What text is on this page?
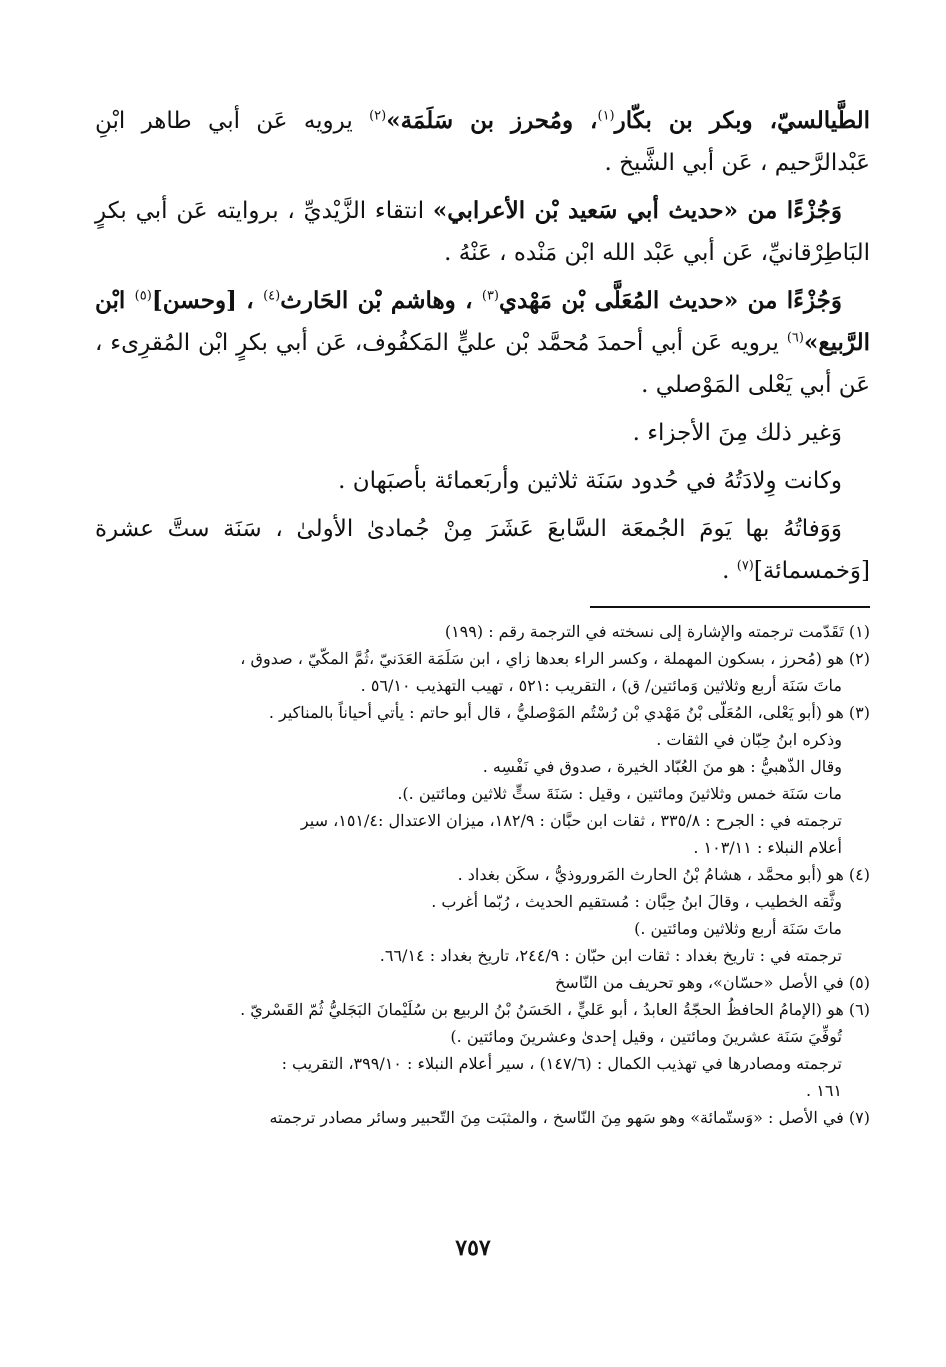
الطَّيالسيّ، وبكر بن بكّار$^{(١)}$، ومُحرز بن سَلَمَة»$^{(٢)}$ يرويه عَن أبي طاهر ابْنِ عَبْدالرَّحيم ، عَن أبي الشَّيخ .

وَجُزْءًا من «حديث أبي سَعيد بْن الأعرابي» انتقاء الزَّيْديِّ ، بروايته عَن أبي بكرٍ البَاطِرْقانيِّ، عَن أبي عَبْد الله ابْن مَنْده ، عَنْهُ .

وَجُزْءًا من «حديث المُعَلَّى بْن مَهْدي$^{(٣)}$ ، وهاشم بْن الحَارث$^{(٤)}$ ، [وحسن]$^{(٥)}$ ابْن الرَّبيع»$^{(٦)}$ يرويه عَن أبي أحمدَ مُحمَّد بْن عليٍّ المَكفُوف، عَن أبي بكرٍ ابْن المُقرِىء ، عَن أبي يَعْلى المَوْصلي .

وَغير ذلك مِنَ الأجزاء .

وكانت وِلادَتُهُ في حُدود سَنَة ثلاثين وأربَعمائة بأصبَهان .

وَوَفاتُهُ بها يَومَ الجُمعَة السَّابعَ عَشَرَ مِنْ جُمادىٰ الأولىٰ ، سَنَة ستَّ عشرة [وَخمسمائة]$^{(٧)}$ .

(١) تَقَدّمت ترجمته والإشارة إلى نسخته في الترجمة رقم : (١٩٩)

(٢) هو (مُحرز ، بسكون المهملة ، وكسر الراء بعدها زاي ، ابن سَلَمَة العَدَنيّ ،ثُمَّ المكّيّ ، صدوق ،

ماتَ سَنَة أربع وثلاثين وَمائتين/ ق) ، التقريب :٥٢١ ، تهيب التهذيب ٥٦/١٠ .

(٣) هو (أبو يَعْلى، المُعَلّى بْنُ مَهْدي بْن رُسْتُم المَوْصليُّ ، قال أبو حاتم : يأتي أحياناً بالمناكير .

وذكره ابنُ حِبّان في الثقات .

وقال الذّهبيُّ : هو منَ العُبّاد الخيرة ، صدوق في نَفْسِه .

مات سَنَة خمس وثلاثينَ ومائتين ، وقيل : سَنَةَ ستٍّ ثلاثين ومائتين .).

ترجمته في : الجرح : ٣٣٥/٨ ، ثقات ابن حبَّان : ١٨٢/٩، ميزان الاعتدال :١٥١/٤، سير

أعلام النبلاء : ١٠٣/١١ .

(٤) هو (أبو محمَّد ، هشامُ بْنُ الحارث المَروروذيُّ ، سكَن بغداد .

وثَّقه الخطيب ، وقالَ ابنُ حِبَّان : مُستقيم الحديث ، رُبّما أغرب .

ماتَ سَنَة أربع وثلاثين ومائتين .)

ترجمته في : تاريخ بغداد : ثقات ابن حبّان : ٢٤٤/٩، تاريخ بغداد : ٦٦/١٤.

(٥) في الأصل «حسّان»، وهو تحريف من النّاسخ

(٦) هو (الإمامُ الحافظُ الحجّةُ العابدُ ، أبو عَليٍّ ، الحَسَنُ بْنُ الربيع بن سُلَيْمانَ البَجَليُّ ثُمّ القَسْريّ .

تُوفِّيَ سَنَة عشرينَ ومائتين ، وقيل إحدىٰ وعشرينَ ومائتين .)

ترجمته ومصادرها في تهذيب الكمال : (١٤٧/٦) ، سير أعلام النبلاء : ٣٩٩/١٠، التقريب :

١٦١ .

(٧) في الأصل : «وَستّمائة» وهو سَهو مِنَ النّاسخ ، والمثبَت مِنَ التّحبير وسائر مصادر ترجمته

٧٥٧
